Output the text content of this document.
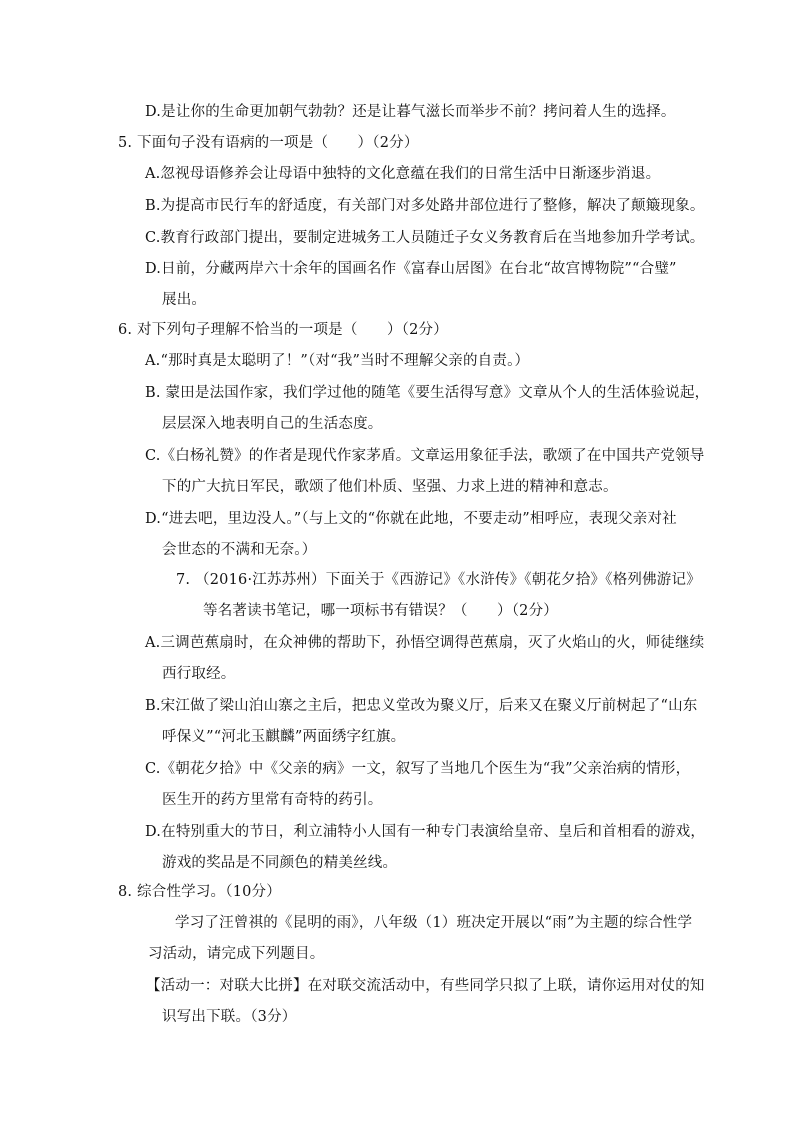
D.是让你的生命更加朝气勃勃？还是让暮气滋长而举步不前？拷问着人生的选择。
5. 下面句子没有语病的一项是（　　）（2分）
A.忽视母语修养会让母语中独特的文化意蕴在我们的日常生活中日渐逐步消退。
B.为提高市民行车的舒适度，有关部门对多处路井部位进行了整修，解决了颠簸现象。
C.教育行政部门提出，要制定进城务工人员随迁子女义务教育后在当地参加升学考试。
D.日前，分藏两岸六十余年的国画名作《富春山居图》在台北“故宫博物院”“合璧”
展出。
6. 对下列句子理解不恰当的一项是（　　）（2分）
A.“那时真是太聪明了！”（对“我”当时不理解父亲的自责。）
B. 蒙田是法国作家，我们学过他的随笔《要生活得写意》文章从个人的生活体验说起，
层层深入地表明自己的生活态度。
C.《白杨礼赞》的作者是现代作家茅盾。文章运用象征手法，歌颂了在中国共产党领导
下的广大抗日军民，歌颂了他们朴质、坚强、力求上进的精神和意志。
D.“进去吧，里边没人。”（与上文的“你就在此地，不要走动”相呼应，表现父亲对社
会世态的不满和无奈。）
7. （2016·江苏苏州）下面关于《西游记》《水浒传》《朝花夕拾》《格列佛游记》
等名著读书笔记，哪一项标书有错误？（　　）（2分）
A.三调芭蕉扇时，在众神佛的帮助下，孙悟空调得芭蕉扇，灭了火焰山的火，师徒继续
西行取经。
B.宋江做了梁山泊山寨之主后，把忠义堂改为聚义厅，后来又在聚义厅前树起了“山东
呼保义”“河北玉麒麟”两面绣字红旗。
C.《朝花夕拾》中《父亲的病》一文，叙写了当地几个医生为“我”父亲治病的情形，
医生开的药方里常有奇特的药引。
D.在特别重大的节日，利立浦特小人国有一种专门表演给皇帝、皇后和首相看的游戏，
游戏的奖品是不同颜色的精美丝线。
8. 综合性学习。（10分）
学习了汪曾祺的《昆明的雨》，八年级（1）班决定开展以“雨”为主题的综合性学
习活动，请完成下列题目。
【活动一：对联大比拼】在对联交流活动中，有些同学只拟了上联，请你运用对仗的知
识写出下联。（3分）
